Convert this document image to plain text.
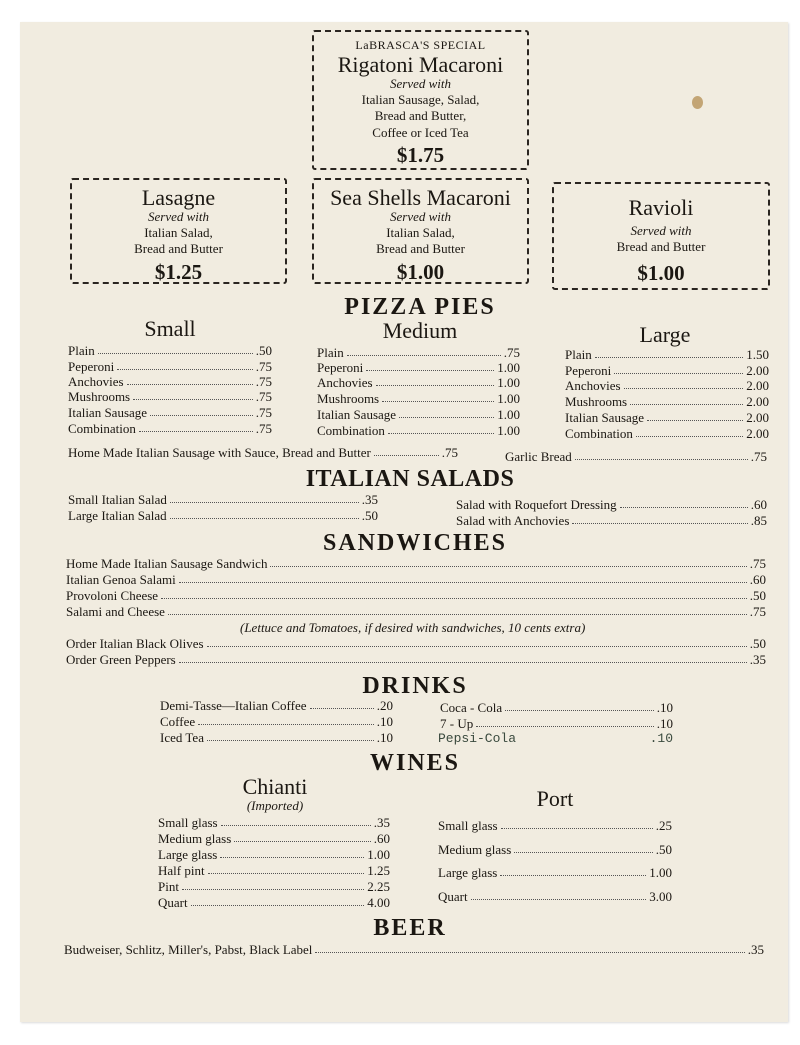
LaBRASCA'S SPECIAL
Rigatoni Macaroni
Served with
Italian Sausage, Salad,
Bread and Butter,
Coffee or Iced Tea
$1.75
Lasagne
Served with
Italian Salad,
Bread and Butter
$1.25
Sea Shells Macaroni
Served with
Italian Salad,
Bread and Butter
$1.00
Ravioli
Served with
Bread and Butter
$1.00
PIZZA PIES
Small	Medium	Large
Plain	.50
Peperoni	.75
Anchovies	.75
Mushrooms	.75
Italian Sausage	.75
Combination	.75
Plain	.75
Peperoni	1.00
Anchovies	1.00
Mushrooms	1.00
Italian Sausage	1.00
Combination	1.00
Plain	1.50
Peperoni	2.00
Anchovies	2.00
Mushrooms	2.00
Italian Sausage	2.00
Combination	2.00
Home Made Italian Sausage with Sauce, Bread and Butter	.75	Garlic Bread	.75
ITALIAN SALADS
Small Italian Salad	.35
Large Italian Salad	.50
Salad with Roquefort Dressing	.60
Salad with Anchovies	.85
SANDWICHES
Home Made Italian Sausage Sandwich	.75
Italian Genoa Salami	.60
Provoloni Cheese	.50
Salami and Cheese	.75
(Lettuce and Tomatoes, if desired with sandwiches, 10 cents extra)
Order Italian Black Olives	.50
Order Green Peppers	.35
DRINKS
Demi-Tasse—Italian Coffee	.20
Coffee	.10
Iced Tea	.10
Coca - Cola	.10
7 - Up	.10
Pepsi-Cola	.10
WINES
Chianti
(Imported)	Port
Small glass	.35
Medium glass	.60
Large glass	1.00
Half pint	1.25
Pint	2.25
Quart	4.00
Small glass	.25
Medium glass	.50
Large glass	1.00
Quart	3.00
BEER
Budweiser, Schlitz, Miller's, Pabst, Black Label	.35
